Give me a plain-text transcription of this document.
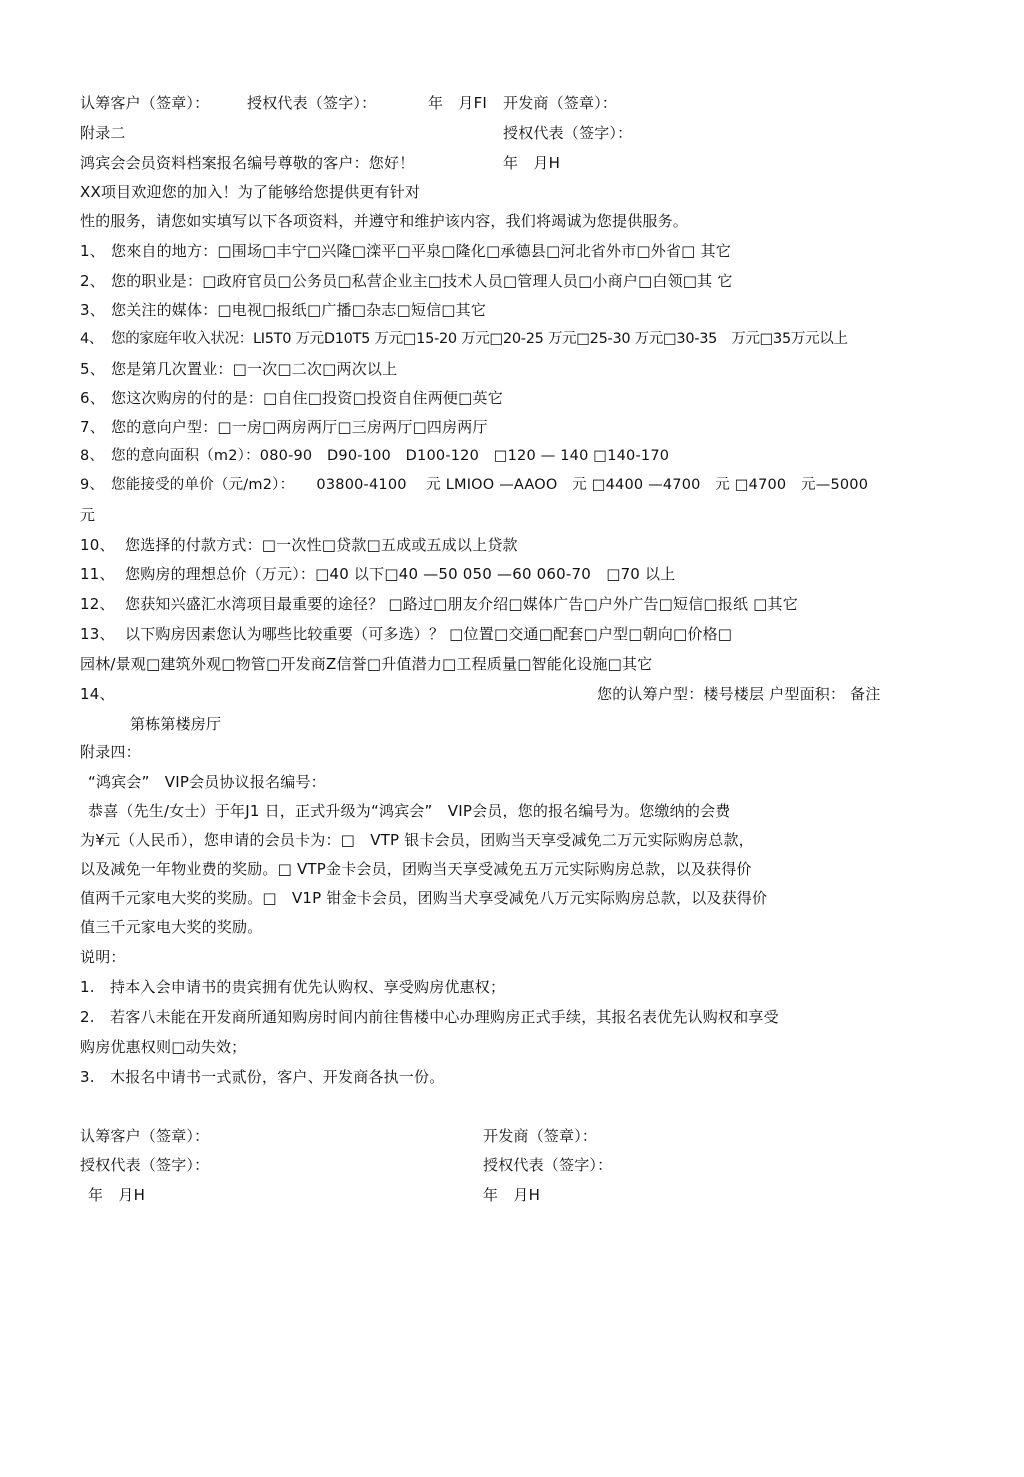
认筹客户（签章）：	授权代表（签字）：	年　月FI 开发商（签章）：
附录二	授权代表（签字）：
鸿宾会会员资料档案报名编号尊敬的客户：您好！	年　月H
XX项目欢迎您的加入！为了能够给您提供更有针对
性的服务，请您如实填写以下各项资料，并遵守和维护该内容，我们将竭诚为您提供服务。
1、 您來自的地方：□围场□丰宁□兴隆□滦平□平泉□隆化□承德县□河北省外市□外省□ 其它
2、 您的职业是：□政府官员□公务员□私营企业主□技术人员□管理人员□小商户□白领□其 它
3、 您关注的媒体：□电视□报纸□广播□杂志□短信□其它
4、 您的家庭年收入状况：LI5T0 万元D10T5 万元□15-20 万元□20-25 万元□25-30 万元□30-35　万元□35万元以上
5、 您是第几次置业：□一次□二次□两次以上
6、 您这次购房的付的是：□自住□投资□投资自住两便□英它
7、 您的意向户型：□一房□两房两厅□三房两厅□四房两厅
8、 您的意向面积（m2）：080-90　D90-100　D100-120　□120 — 140 □140-170
9、 您能接受的单价（元/m2）：　　03800-4100　 元 LMIOO —AAOO　元 □4400 —4700　元 □4700　元—5000
元
10、 您选择的付款方式：□一次性□贷款□五成或五成以上贷款
11、 您购房的理想总价（万元）：□40 以下□40 —50 050 —60 060-70　□70 以上
12、 您获知兴盛汇水湾项目最重要的途径？ □路过□朋友介绍□媒体广告□户外广告□短信□报纸 □其它
13、 以下购房因素您认为哪些比较重要（可多选）？ □位置□交通□配套□户型□朝向□价格□
园林/景观□建筑外观□物管□开发商Z信誉□升值潜力□工程质量□智能化设施□其它
14、	您的认筹户型：楼号楼层 户型面积： 备注
第栋第楼房厅
附录四：
“鸿宾会”　VIP会员协议报名编号：
恭喜（先生/女士）于年J1 日，正式升级为“鸿宾会”　VIP会员，您的报名编号为。您缴纳的会费
为¥元（人民币），您申请的会员卡为：□　VTP 银卡会员，团购当天享受减免二万元实际购房总款，
以及减免一年物业费的奖励。□ VTP金卡会员，团购当天享受减免五万元实际购房总款，以及获得价
值两千元家电大奖的奖励。□　V1P 钳金卡会员，团购当犬享受减免八万元实际购房总款，以及获得价
值三千元家电大奖的奖励。
说明：
1. 持本入会申请书的贵宾拥有优先认购权、享受购房优惠权；
2. 若客八未能在开发商所通知购房时间内前往售楼中心办理购房正式手续，其报名表优先认购权和享受
购房优惠权则□动失效；
3. 木报名中请书一式贰份，客户、开发商各执一份。
认筹客户（签章）：	开发商（签章）：
授权代表（签字）：	授权代表（签字）：
年　月H	年　月H
